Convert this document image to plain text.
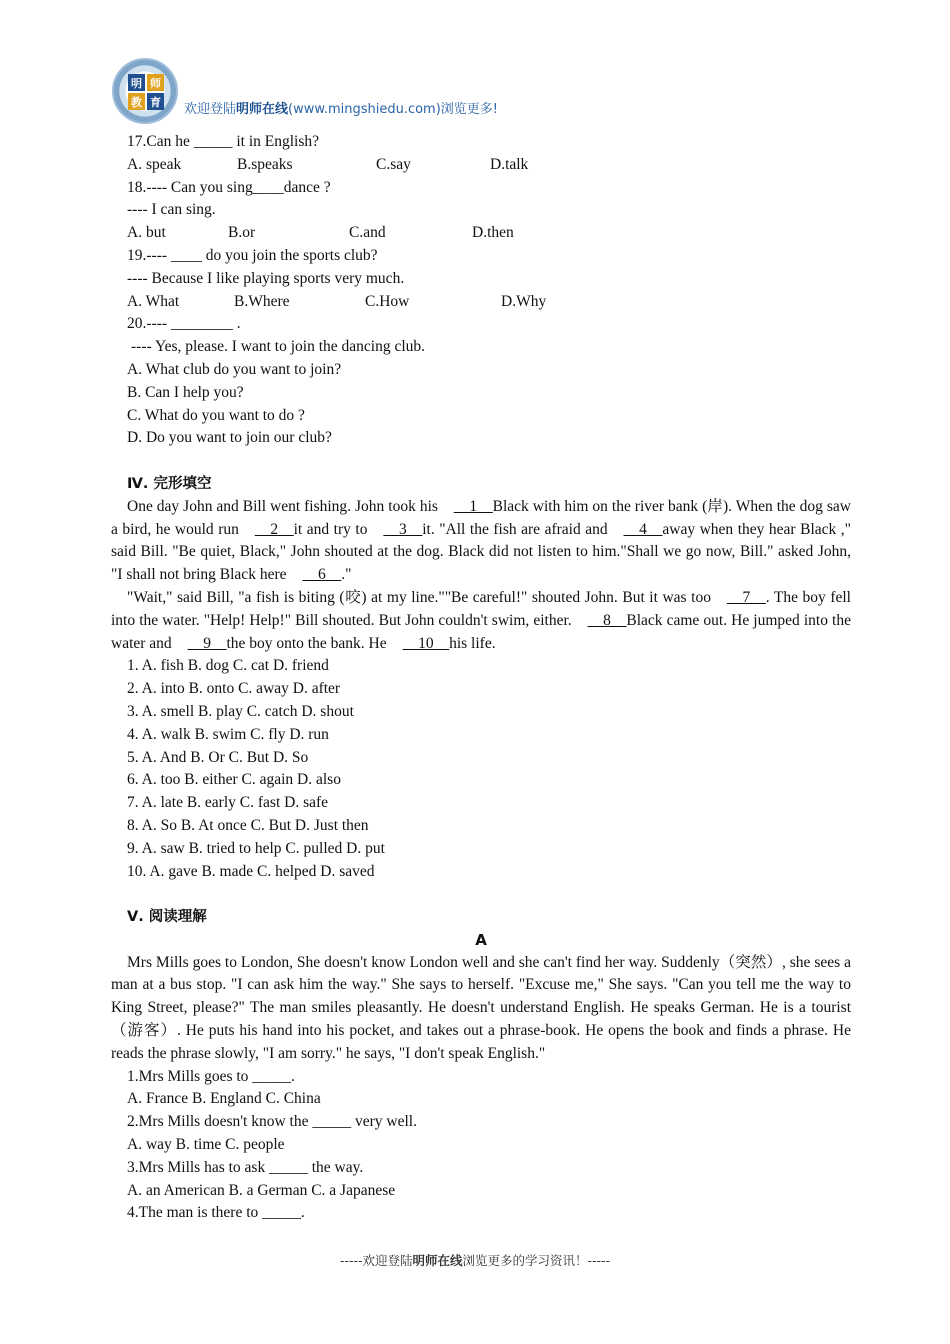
明 师
教 育 欢迎登陆明师在线(www.mingshiedu.com)浏览更多!
17.Can he _____ it in English?
A. speak	B.speaks	C.say	D.talk
18.---- Can you sing____dance ?
---- I can sing.
A. but	B.or	C.and	D.then
19.---- ____ do you join the sports club?
---- Because I like playing sports very much.
A. What	B.Where	C.How	D.Why
20.---- ________ .
---- Yes, please. I want to join the dancing club.
A. What club do you want to join?
B. Can I help you?
C. What do you want to do ?
D. Do you want to join our club?
Ⅳ. 完形填空
One day John and Bill went fishing. John took his __1__Black with him on the river bank (岸). When the dog saw a bird, he would run __2__it and try to __3__it. "All the fish are afraid and __4__away when they hear Black ," said Bill. "Be quiet, Black," John shouted at the dog. Black did not listen to him."Shall we go now, Bill." asked John, "I shall not bring Black here __6__."
"Wait," said Bill, "a fish is biting (咬) at my line.""Be careful!" shouted John. But it was too __7__. The boy fell into the water. "Help! Help!" Bill shouted. But John couldn't swim, either. __8__Black came out. He jumped into the water and __9__the boy onto the bank. He __10__his life.
1. A. fish B. dog C. cat D. friend
2. A. into B. onto C. away D. after
3. A. smell B. play C. catch D. shout
4. A. walk B. swim C. fly D. run
5. A. And B. Or C. But D. So
6. A. too B. either C. again D. also
7. A. late B. early C. fast D. safe
8. A. So B. At once C. But D. Just then
9. A. saw B. tried to help C. pulled D. put
10. A. gave B. made C. helped D. saved
Ⅴ. 阅读理解
A
Mrs Mills goes to London, She doesn't know London well and she can't find her way. Suddenly（突然）, she sees a man at a bus stop. "I can ask him the way." She says to herself. "Excuse me," She says. "Can you tell me the way to King Street, please?" The man smiles pleasantly. He doesn't understand English. He speaks German. He is a tourist（游客）. He puts his hand into his pocket, and takes out a phrase-book. He opens the book and finds a phrase. He reads the phrase slowly, "I am sorry." he says, "I don't speak English."
1.Mrs Mills goes to _____.
A. France B. England C. China
2.Mrs Mills doesn't know the _____ very well.
A. way B. time C. people
3.Mrs Mills has to ask _____ the way.
A. an American B. a German C. a Japanese
4.The man is there to _____.
-----欢迎登陆明师在线浏览更多的学习资讯！-----
